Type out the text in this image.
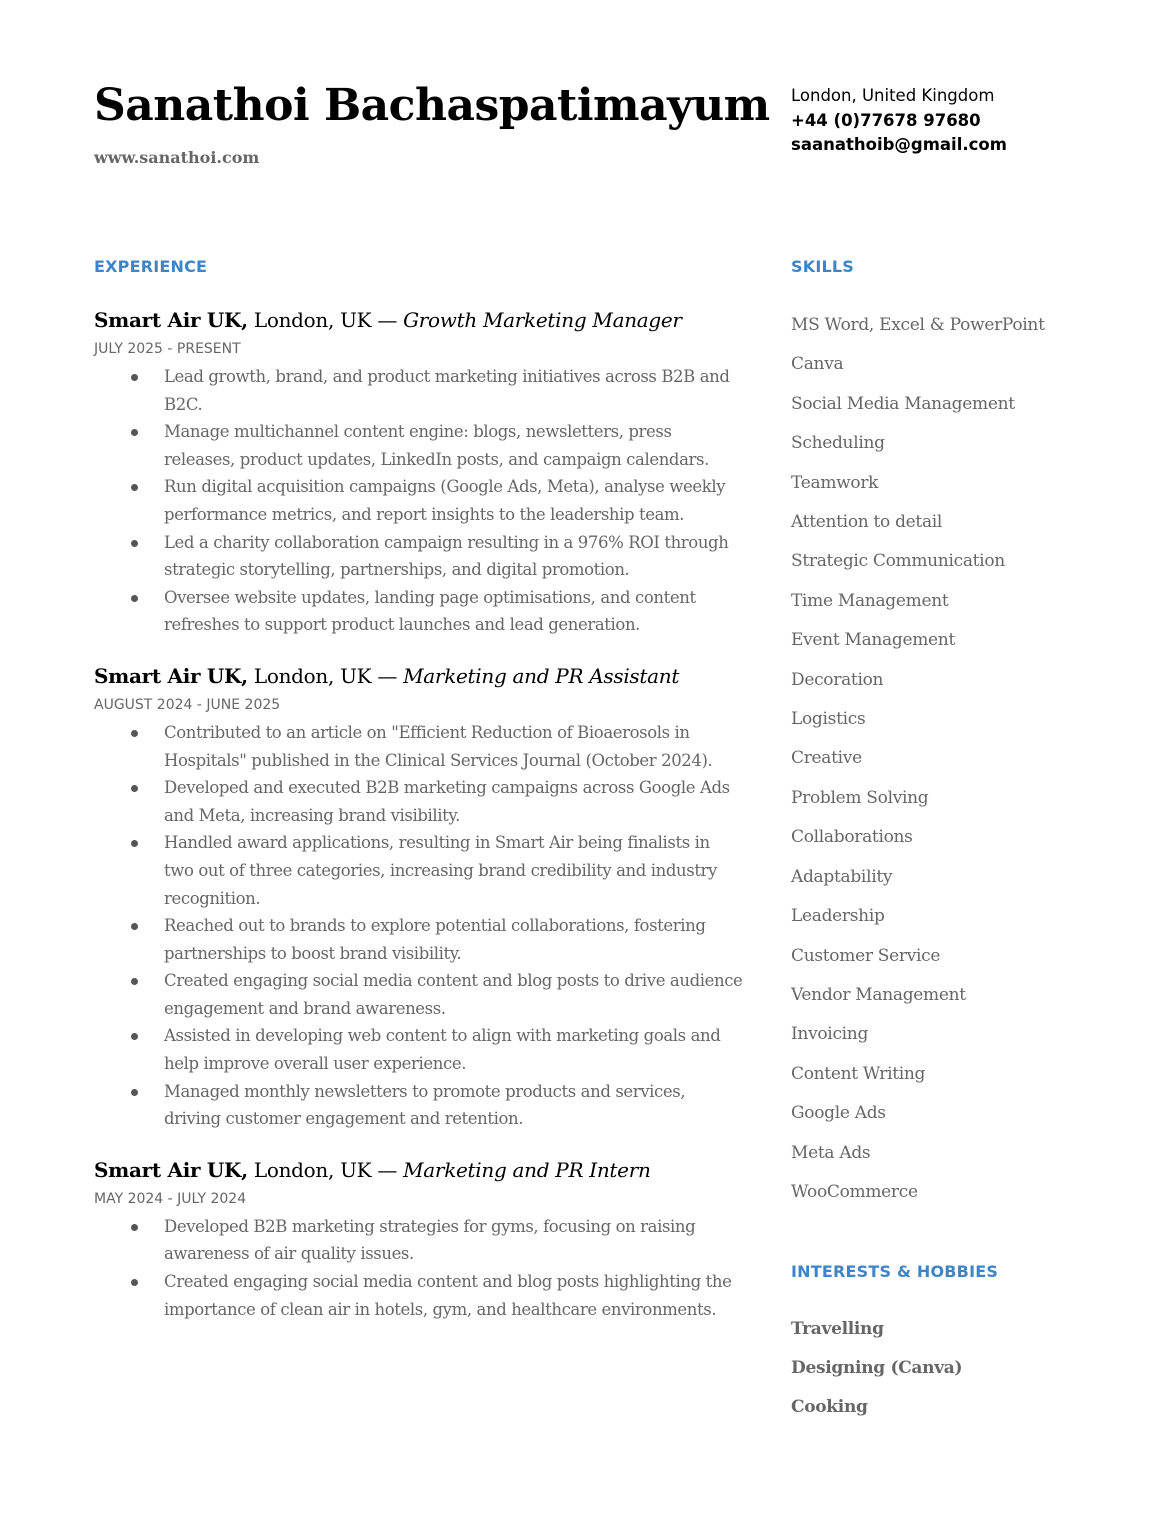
Sanathoi Bachaspatimayum
www.sanathoi.com
London, United Kingdom
+44 (0)77678 97680
saanathoib@gmail.com
EXPERIENCE	SKILLS
INTERESTS & HOBBIES
Smart Air UK, London, UK — Growth Marketing Manager
JULY 2025 - PRESENT
Lead growth, brand, and product marketing initiatives across B2B and B2C.
Manage multichannel content engine: blogs, newsletters, press releases, product updates, LinkedIn posts, and campaign calendars.
Run digital acquisition campaigns (Google Ads, Meta), analyse weekly performance metrics, and report insights to the leadership team.
Led a charity collaboration campaign resulting in a 976% ROI through strategic storytelling, partnerships, and digital promotion.
Oversee website updates, landing page optimisations, and content refreshes to support product launches and lead generation.
Smart Air UK, London, UK — Marketing and PR Assistant
AUGUST 2024 - JUNE 2025
Contributed to an article on "Efficient Reduction of Bioaerosols in Hospitals" published in the Clinical Services Journal (October 2024).
Developed and executed B2B marketing campaigns across Google Ads and Meta, increasing brand visibility.
Handled award applications, resulting in Smart Air being finalists in two out of three categories, increasing brand credibility and industry recognition.
Reached out to brands to explore potential collaborations, fostering partnerships to boost brand visibility.
Created engaging social media content and blog posts to drive audience engagement and brand awareness.
Assisted in developing web content to align with marketing goals and help improve overall user experience.
Managed monthly newsletters to promote products and services, driving customer engagement and retention.
Smart Air UK, London, UK — Marketing and PR Intern
MAY 2024 - JULY 2024
Developed B2B marketing strategies for gyms, focusing on raising awareness of air quality issues.
Created engaging social media content and blog posts highlighting the importance of clean air in hotels, gym, and healthcare environments.
MS Word, Excel & PowerPoint
Canva
Social Media Management
Scheduling
Teamwork
Attention to detail
Strategic Communication
Time Management
Event Management
Decoration
Logistics
Creative
Problem Solving
Collaborations
Adaptability
Leadership
Customer Service
Vendor Management
Invoicing
Content Writing
Google Ads
Meta Ads
WooCommerce
Travelling
Designing (Canva)
Cooking
